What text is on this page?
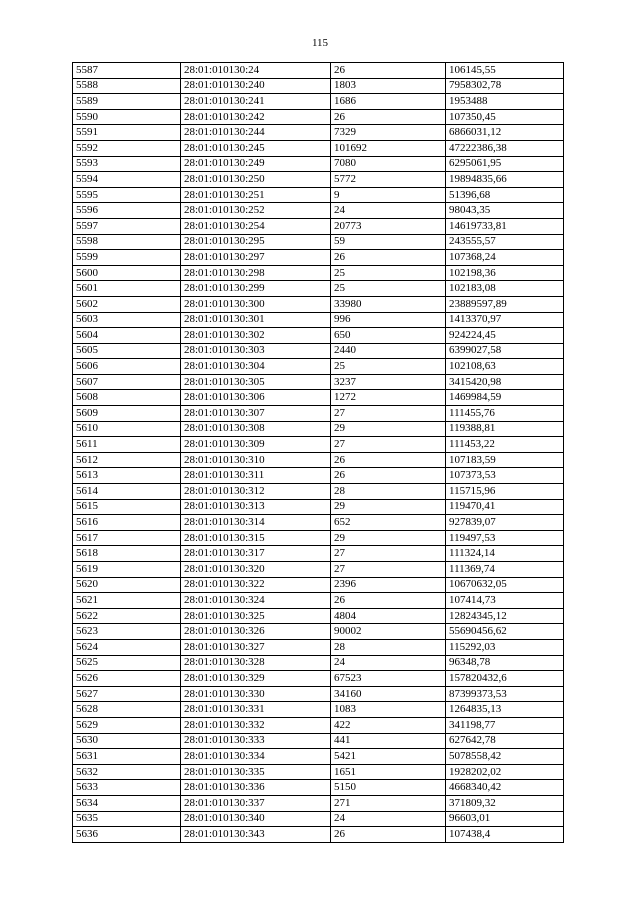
115
5587	28:01:010130:24	26	106145,55
5588	28:01:010130:240	1803	7958302,78
5589	28:01:010130:241	1686	1953488
5590	28:01:010130:242	26	107350,45
5591	28:01:010130:244	7329	6866031,12
5592	28:01:010130:245	101692	47222386,38
5593	28:01:010130:249	7080	6295061,95
5594	28:01:010130:250	5772	19894835,66
5595	28:01:010130:251	9	51396,68
5596	28:01:010130:252	24	98043,35
5597	28:01:010130:254	20773	14619733,81
5598	28:01:010130:295	59	243555,57
5599	28:01:010130:297	26	107368,24
5600	28:01:010130:298	25	102198,36
5601	28:01:010130:299	25	102183,08
5602	28:01:010130:300	33980	23889597,89
5603	28:01:010130:301	996	1413370,97
5604	28:01:010130:302	650	924224,45
5605	28:01:010130:303	2440	6399027,58
5606	28:01:010130:304	25	102108,63
5607	28:01:010130:305	3237	3415420,98
5608	28:01:010130:306	1272	1469984,59
5609	28:01:010130:307	27	111455,76
5610	28:01:010130:308	29	119388,81
5611	28:01:010130:309	27	111453,22
5612	28:01:010130:310	26	107183,59
5613	28:01:010130:311	26	107373,53
5614	28:01:010130:312	28	115715,96
5615	28:01:010130:313	29	119470,41
5616	28:01:010130:314	652	927839,07
5617	28:01:010130:315	29	119497,53
5618	28:01:010130:317	27	111324,14
5619	28:01:010130:320	27	111369,74
5620	28:01:010130:322	2396	10670632,05
5621	28:01:010130:324	26	107414,73
5622	28:01:010130:325	4804	12824345,12
5623	28:01:010130:326	90002	55690456,62
5624	28:01:010130:327	28	115292,03
5625	28:01:010130:328	24	96348,78
5626	28:01:010130:329	67523	157820432,6
5627	28:01:010130:330	34160	87399373,53
5628	28:01:010130:331	1083	1264835,13
5629	28:01:010130:332	422	341198,77
5630	28:01:010130:333	441	627642,78
5631	28:01:010130:334	5421	5078558,42
5632	28:01:010130:335	1651	1928202,02
5633	28:01:010130:336	5150	4668340,42
5634	28:01:010130:337	271	371809,32
5635	28:01:010130:340	24	96603,01
5636	28:01:010130:343	26	107438,4
